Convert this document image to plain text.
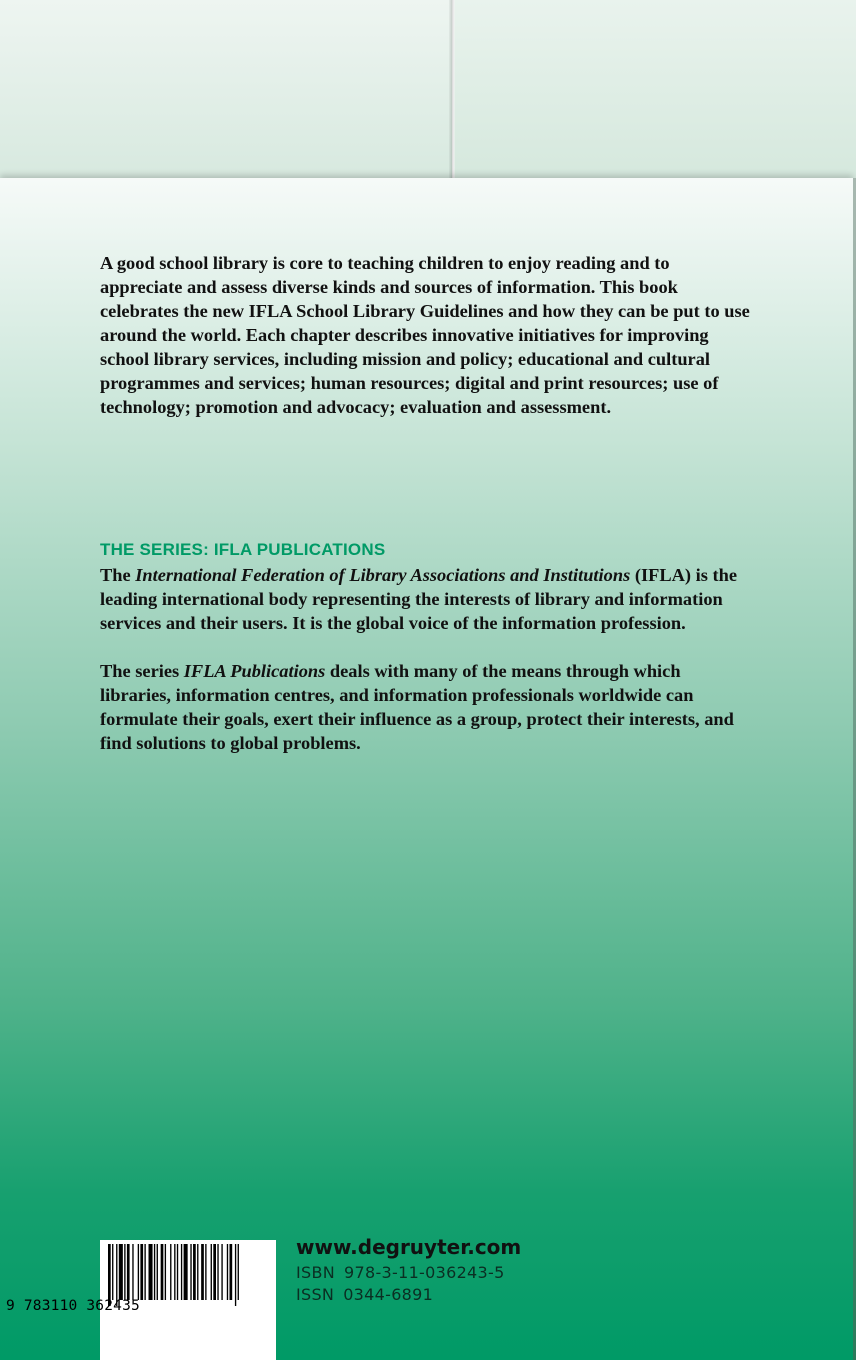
A good school library is core to teaching children to enjoy reading and to appreciate and assess diverse kinds and sources of information. This book celebrates the new IFLA School Library Guidelines and how they can be put to use around the world. Each chapter describes innovative initiatives for improving school library services, including mission and policy; educational and cultural programmes and services; human resources; digital and print resources; use of technology; promotion and advocacy; evaluation and assessment.

THE SERIES: IFLA PUBLICATIONS

The International Federation of Library Associations and Institutions (IFLA) is the leading international body representing the interests of library and information services and their users. It is the global voice of the information profession.

The series IFLA Publications deals with many of the means through which libraries, information centres, and information professionals worldwide can formulate their goals, exert their influence as a group, protect their interests, and find solutions to global problems.

9 783110 362435
www.degruyter.com
ISBN 978-3-11-036243-5
ISSN 0344-6891
